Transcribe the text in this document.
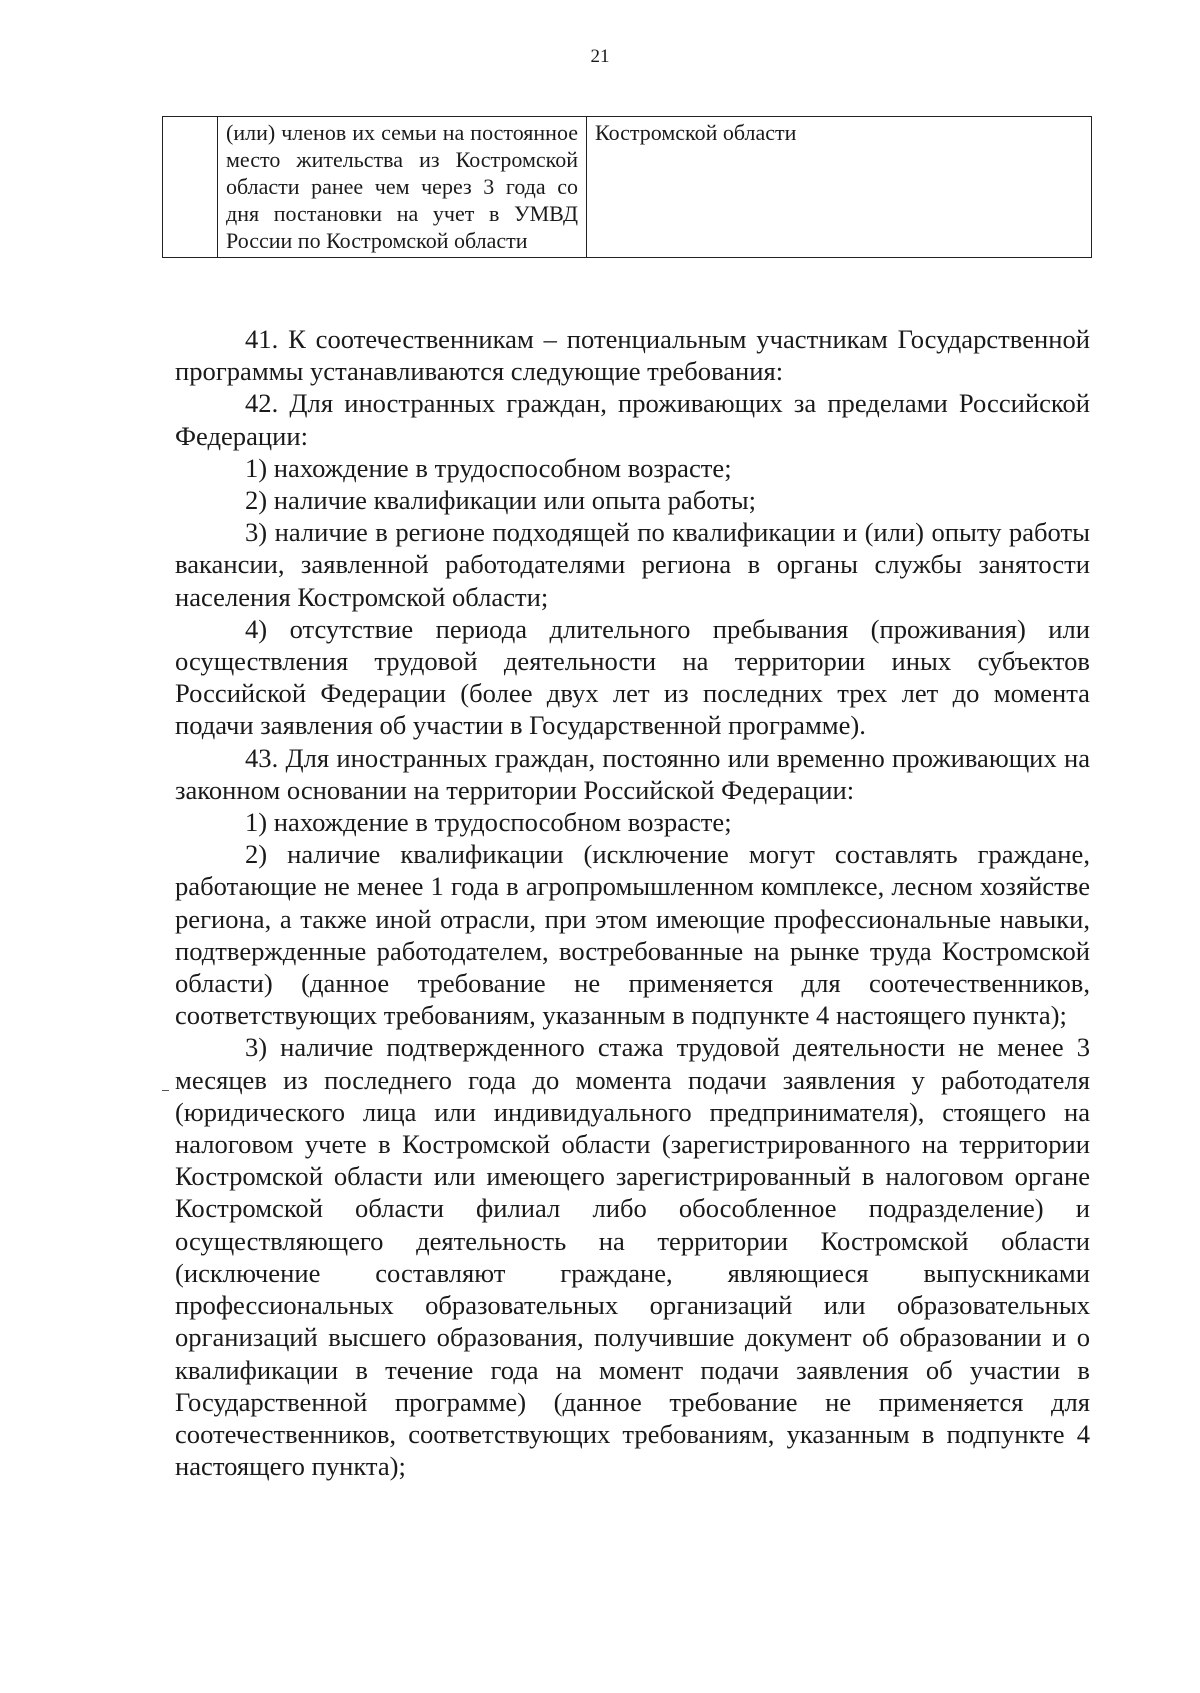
21
	(или) членов их семьи на постоянное место жительства из Костромской области ранее чем через 3 года со дня постановки на учет в УМВД России по Костромской области	Костромской области

41. К соотечественникам – потенциальным участникам Государственной программы устанавливаются следующие требования:

42. Для иностранных граждан, проживающих за пределами Российской Федерации:

1) нахождение в трудоспособном возрасте;

2) наличие квалификации или опыта работы;

3) наличие в регионе подходящей по квалификации и (или) опыту работы вакансии, заявленной работодателями региона в органы службы занятости населения Костромской области;

4) отсутствие периода длительного пребывания (проживания) или осуществления трудовой деятельности на территории иных субъектов Российской Федерации (более двух лет из последних трех лет до момента подачи заявления об участии в Государственной программе).

43. Для иностранных граждан, постоянно или временно проживающих на законном основании на территории Российской Федерации:

1) нахождение в трудоспособном возрасте;

2) наличие квалификации (исключение могут составлять граждане, работающие не менее 1 года в агропромышленном комплексе, лесном хозяйстве региона, а также иной отрасли, при этом имеющие профессиональные навыки, подтвержденные работодателем, востребованные на рынке труда Костромской области) (данное требование не применяется для соотечественников, соответствующих требованиям, указанным в подпункте 4 настоящего пункта);

3) наличие подтвержденного стажа трудовой деятельности не менее 3 месяцев из последнего года до момента подачи заявления у работодателя (юридического лица или индивидуального предпринимателя), стоящего на налоговом учете в Костромской области (зарегистрированного на территории Костромской области или имеющего зарегистрированный в налоговом органе Костромской области филиал либо обособленное подразделение) и осуществляющего деятельность на территории Костромской области (исключение составляют граждане, являющиеся выпускниками профессиональных образовательных организаций или образовательных организаций высшего образования, получившие документ об образовании и о квалификации в течение года на момент подачи заявления об участии в Государственной программе) (данное требование не применяется для соотечественников, соответствующих требованиям, указанным в подпункте 4 настоящего пункта);
